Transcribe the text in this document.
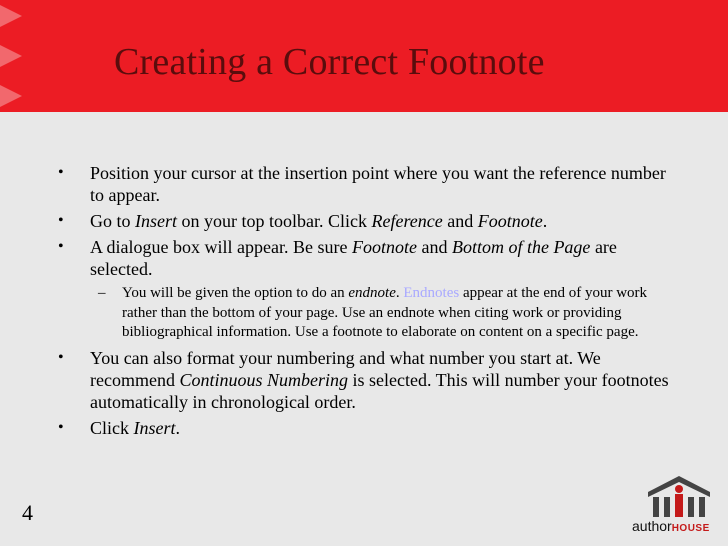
Creating a Correct Footnote
• Position your cursor at the insertion point where you want the reference number to appear.
• Go to Insert on your top toolbar. Click Reference and Footnote.
• A dialogue box will appear. Be sure Footnote and Bottom of the Page are selected.
– You will be given the option to do an endnote. Endnotes appear at the end of your work rather than the bottom of your page. Use an endnote when citing work or providing bibliographical information. Use a footnote to elaborate on content on a specific page.
• You can also format your numbering and what number you start at. We recommend Continuous Numbering is selected. This will number your footnotes automatically in chronological order.
• Click Insert.
4
authorHOUSE
